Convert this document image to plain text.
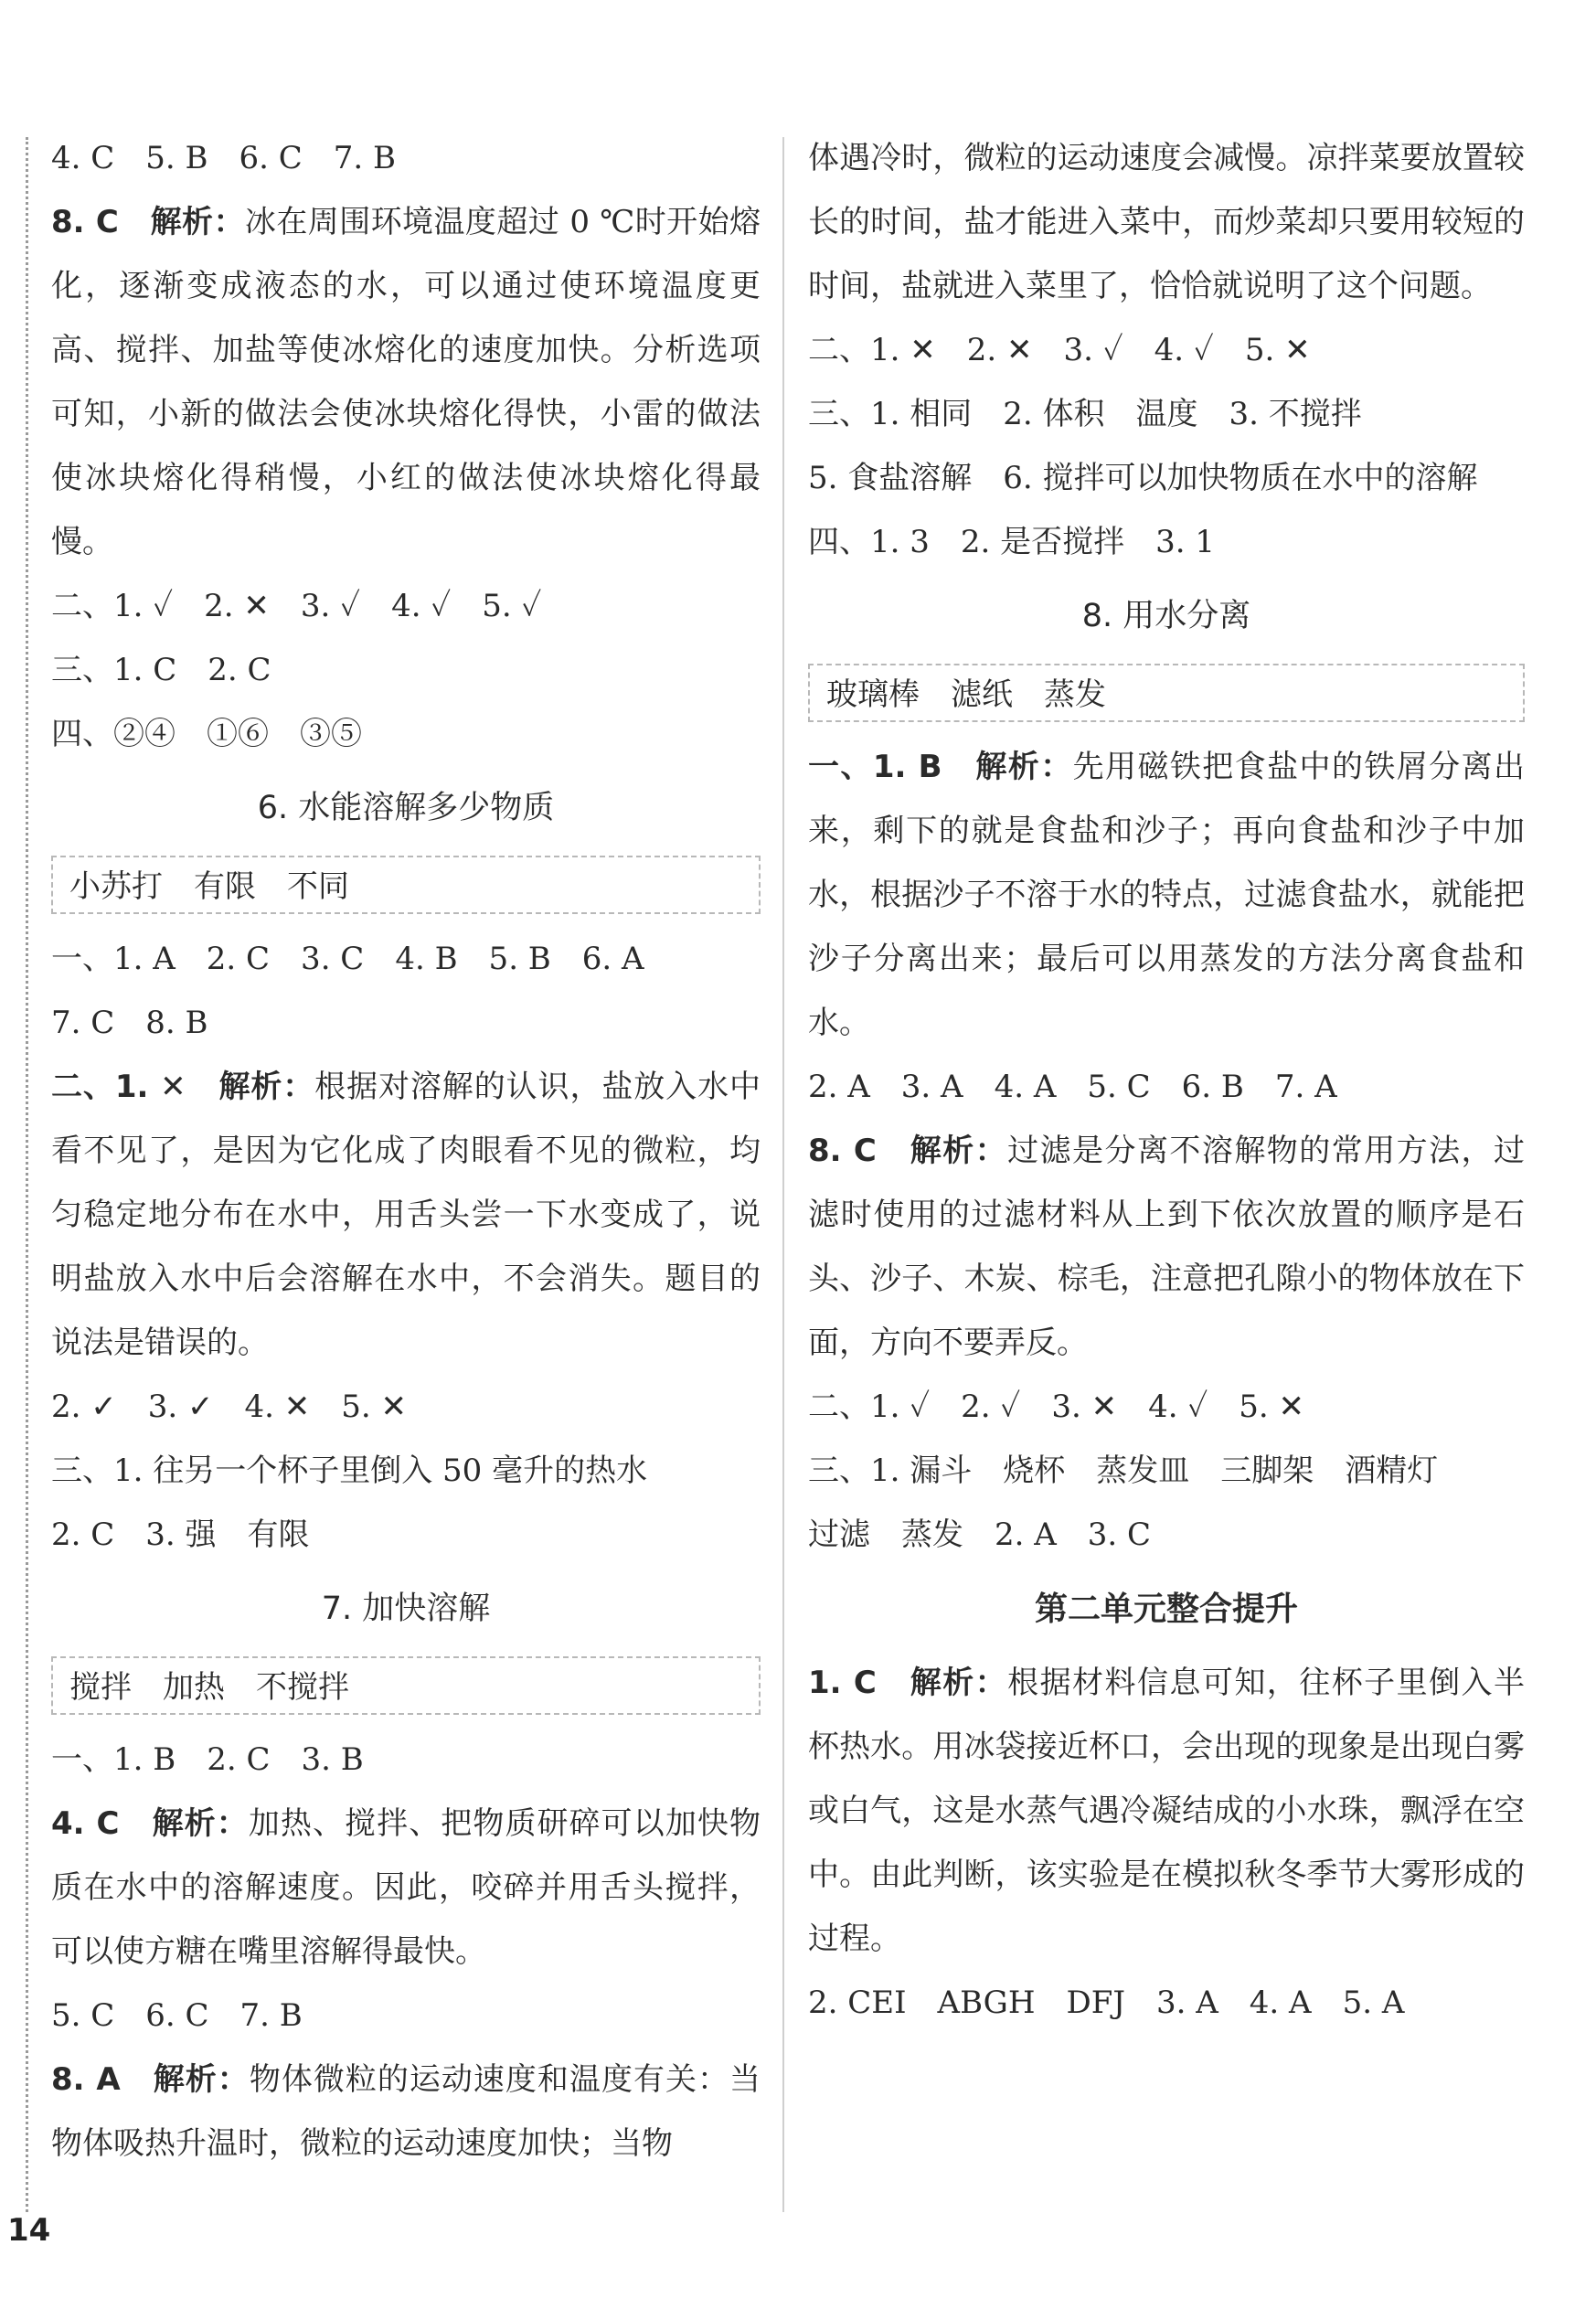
4. C　5. B　6. C　7. B
8. C　解析：冰在周围环境温度超过 0 ℃时开始熔化，逐渐变成液态的水，可以通过使环境温度更高、搅拌、加盐等使冰熔化的速度加快。分析选项可知，小新的做法会使冰块熔化得快，小雷的做法使冰块熔化得稍慢，小红的做法使冰块熔化得最慢。
二、1. ✓　2. ✕　3. ✓　4. ✓　5. ✓
三、1. C　2. C
四、②④　①⑥　③⑤
6. 水能溶解多少物质
小苏打　有限　不同
一、1. A　2. C　3. C　4. B　5. B　6. A
7. C　8. B
二、1. ✕　解析：根据对溶解的认识，盐放入水中看不见了，是因为它化成了肉眼看不见的微粒，均匀稳定地分布在水中，用舌头尝一下水变成了，说明盐放入水中后会溶解在水中，不会消失。题目的说法是错误的。
2. ✓　3. ✓　4. ✕　5. ✕
三、1. 往另一个杯子里倒入 50 毫升的热水
2. C　3. 强　有限
7. 加快溶解
搅拌　加热　不搅拌
一、1. B　2. C　3. B
4. C　解析：加热、搅拌、把物质研碎可以加快物质在水中的溶解速度。因此，咬碎并用舌头搅拌，可以使方糖在嘴里溶解得最快。
5. C　6. C　7. B
8. A　解析：物体微粒的运动速度和温度有关：当物体吸热升温时，微粒的运动速度加快；当物
体遇冷时，微粒的运动速度会减慢。凉拌菜要放置较长的时间，盐才能进入菜中，而炒菜却只要用较短的时间，盐就进入菜里了，恰恰就说明了这个问题。
二、1. ✕　2. ✕　3. ✓　4. ✓　5. ✕
三、1. 相同　2. 体积　温度　3. 不搅拌
5. 食盐溶解　6. 搅拌可以加快物质在水中的溶解
四、1. 3　2. 是否搅拌　3. 1
8. 用水分离
玻璃棒　滤纸　蒸发
一、1. B　解析：先用磁铁把食盐中的铁屑分离出来，剩下的就是食盐和沙子；再向食盐和沙子中加水，根据沙子不溶于水的特点，过滤食盐水，就能把沙子分离出来；最后可以用蒸发的方法分离食盐和水。
2. A　3. A　4. A　5. C　6. B　7. A
8. C　解析：过滤是分离不溶解物的常用方法，过滤时使用的过滤材料从上到下依次放置的顺序是石头、沙子、木炭、棕毛，注意把孔隙小的物体放在下面，方向不要弄反。
二、1. ✓　2. ✓　3. ✕　4. ✓　5. ✕
三、1. 漏斗　烧杯　蒸发皿　三脚架　酒精灯
过滤　蒸发　2. A　3. C
第二单元整合提升
1. C　解析：根据材料信息可知，往杯子里倒入半杯热水。用冰袋接近杯口，会出现的现象是出现白雾或白气，这是水蒸气遇冷凝结成的小水珠，飘浮在空中。由此判断，该实验是在模拟秋冬季节大雾形成的过程。
2. CEI　ABGH　DFJ　3. A　4. A　5. A
14
